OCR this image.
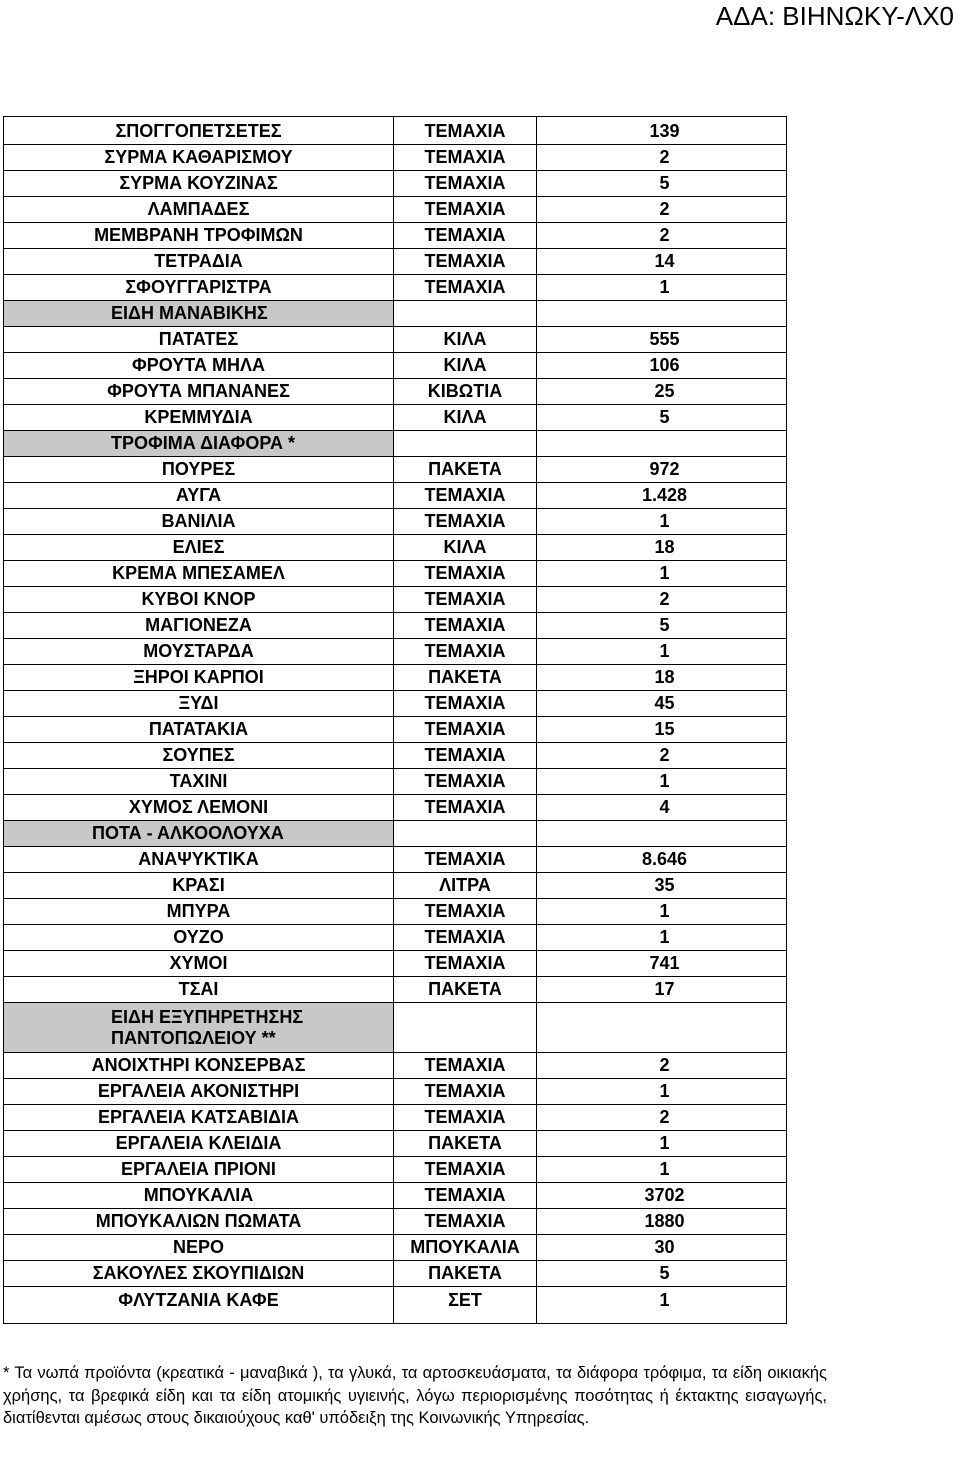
ΑΔΑ: ΒΙΗΝΩΚΥ-ΛΧ0
ΣΠΟΓΓΟΠΕΤΣΕΤΕΣ	ΤΕΜΑΧΙΑ	139
ΣΥΡΜΑ ΚΑΘΑΡΙΣΜΟΥ	ΤΕΜΑΧΙΑ	2
ΣΥΡΜΑ ΚΟΥΖΙΝΑΣ	ΤΕΜΑΧΙΑ	5
ΛΑΜΠΑΔΕΣ	ΤΕΜΑΧΙΑ	2
ΜΕΜΒΡΑΝΗ ΤΡΟΦΙΜΩΝ	ΤΕΜΑΧΙΑ	2
ΤΕΤΡΑΔΙΑ	ΤΕΜΑΧΙΑ	14
ΣΦΟΥΓΓΑΡΙΣΤΡΑ	ΤΕΜΑΧΙΑ	1
ΕΙΔΗ ΜΑΝΑΒΙΚΗΣ		
ΠΑΤΑΤΕΣ	ΚΙΛΑ	555
ΦΡΟΥΤΑ ΜΗΛΑ	ΚΙΛΑ	106
ΦΡΟΥΤΑ ΜΠΑΝΑΝΕΣ	ΚΙΒΩΤΙΑ	25
ΚΡΕΜΜΥΔΙΑ	ΚΙΛΑ	5
ΤΡΟΦΙΜΑ ΔΙΑΦΟΡΑ *		
ΠΟΥΡΕΣ	ΠΑΚΕΤΑ	972
ΑΥΓΑ	ΤΕΜΑΧΙΑ	1.428
ΒΑΝΙΛΙΑ	ΤΕΜΑΧΙΑ	1
ΕΛΙΕΣ	ΚΙΛΑ	18
ΚΡΕΜΑ ΜΠΕΣΑΜΕΛ	ΤΕΜΑΧΙΑ	1
ΚΥΒΟΙ ΚΝΟΡ	ΤΕΜΑΧΙΑ	2
ΜΑΓΙΟΝΕΖΑ	ΤΕΜΑΧΙΑ	5
ΜΟΥΣΤΑΡΔΑ	ΤΕΜΑΧΙΑ	1
ΞΗΡΟΙ ΚΑΡΠΟΙ	ΠΑΚΕΤΑ	18
ΞΥΔΙ	ΤΕΜΑΧΙΑ	45
ΠΑΤΑΤΑΚΙΑ	ΤΕΜΑΧΙΑ	15
ΣΟΥΠΕΣ	ΤΕΜΑΧΙΑ	2
ΤΑΧΙΝΙ	ΤΕΜΑΧΙΑ	1
ΧΥΜΟΣ ΛΕΜΟΝΙ	ΤΕΜΑΧΙΑ	4
ΠΟΤΑ - ΑΛΚΟΟΛΟΥΧΑ		
ΑΝΑΨΥΚΤΙΚΑ	ΤΕΜΑΧΙΑ	8.646
ΚΡΑΣΙ	ΛΙΤΡΑ	35
ΜΠΥΡΑ	ΤΕΜΑΧΙΑ	1
ΟΥΖΟ	ΤΕΜΑΧΙΑ	1
ΧΥΜΟΙ	ΤΕΜΑΧΙΑ	741
ΤΣΑΙ	ΠΑΚΕΤΑ	17
ΕΙΔΗ ΕΞΥΠΗΡΕΤΗΣΗΣ ΠΑΝΤΟΠΩΛΕΙΟΥ **		
ΑΝΟΙΧΤΗΡΙ ΚΟΝΣΕΡΒΑΣ	ΤΕΜΑΧΙΑ	2
ΕΡΓΑΛΕΙΑ ΑΚΟΝΙΣΤΗΡΙ	ΤΕΜΑΧΙΑ	1
ΕΡΓΑΛΕΙΑ ΚΑΤΣΑΒΙΔΙΑ	ΤΕΜΑΧΙΑ	2
ΕΡΓΑΛΕΙΑ ΚΛΕΙΔΙΑ	ΠΑΚΕΤΑ	1
ΕΡΓΑΛΕΙΑ ΠΡΙΟΝΙ	ΤΕΜΑΧΙΑ	1
ΜΠΟΥΚΑΛΙΑ	ΤΕΜΑΧΙΑ	3702
ΜΠΟΥΚΑΛΙΩΝ ΠΩΜΑΤΑ	ΤΕΜΑΧΙΑ	1880
ΝΕΡΟ	ΜΠΟΥΚΑΛΙΑ	30
ΣΑΚΟΥΛΕΣ ΣΚΟΥΠΙΔΙΩΝ	ΠΑΚΕΤΑ	5
ΦΛΥΤΖΑΝΙΑ ΚΑΦΕ	ΣΕΤ	1
* Τα νωπά προϊόντα (κρεατικά - μαναβικά ), τα γλυκά, τα αρτοσκευάσματα, τα διάφορα τρόφιμα, τα είδη οικιακής χρήσης, τα βρεφικά είδη και τα είδη ατομικής υγιεινής, λόγω περιορισμένης ποσότητας ή έκτακτης εισαγωγής, διατίθενται αμέσως στους δικαιούχους καθ' υπόδειξη της Κοινωνικής Υπηρεσίας.
